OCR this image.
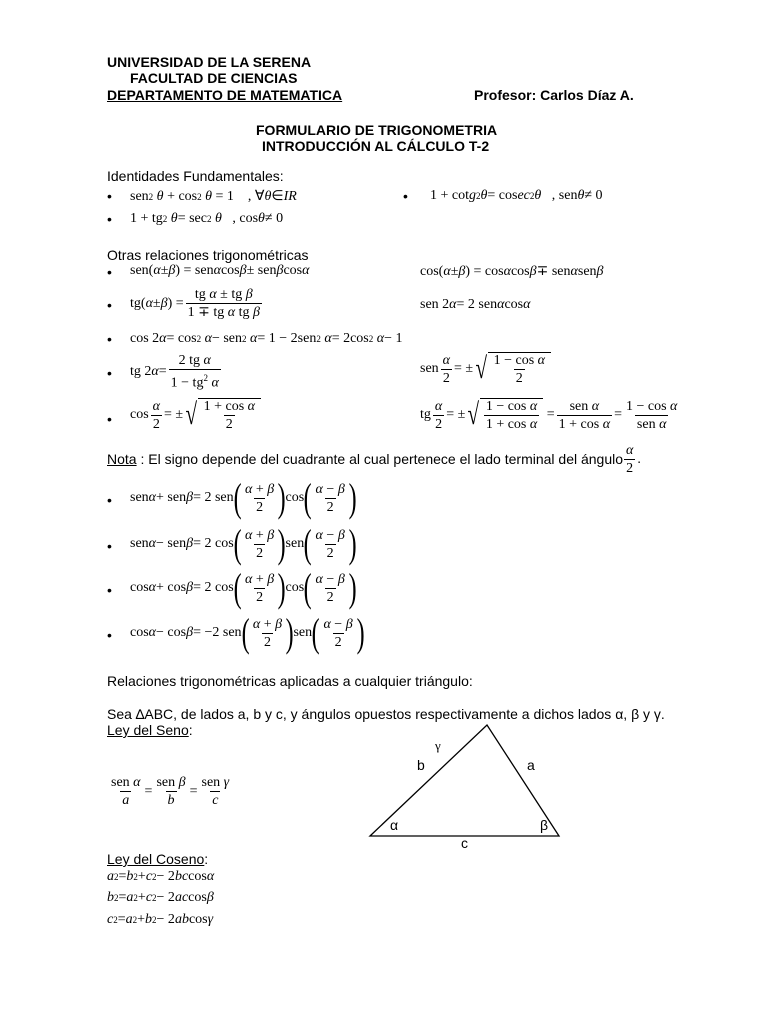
UNIVERSIDAD DE LA SERENA
FACULTAD DE CIENCIAS
DEPARTAMENTO DE MATEMATICA	Profesor: Carlos Díaz A.
FORMULARIO DE TRIGONOMETRIA
INTRODUCCIÓN AL CÁLCULO T-2
Identidades Fundamentales:
• sen 2
θ + cos 2
θ = 1    , ∀ θ ∈ IR	• 1 + cot g 2 θ = cos ec 2 θ , sen θ ≠ 0
• 1 + tg 2
θ = sec 2
θ , cos θ ≠ 0
Otras relaciones trigonométricas
• sen( α ± β ) = sen α cos β ± sen β cos α	cos( α ± β ) = cos α cos β ∓ sen α sen β
• tg( α ± β ) = $\frac{\text{tg α ± tg β}}{\text{1 ∓ tg α tg β}}$	sen 2 α = 2 sen α cos α
• cos 2 α = cos 2
α − sen 2
α = 1 − 2sen 2
α = 2cos 2
α − 1
• tg 2 $\alpha = \frac{\text{2 tg α}}{1 - tg^2 \alpha}$	sen $\frac{\alpha}{2}$ = ± √ $\frac{\text{1 − cos α}}{2}$
• $\cos \frac{\alpha}{2}$ = ± √ $\frac{\text{1 + cos α}}{2}$	tg $\frac{\alpha}{2}$ = ± √ $\frac{\text{1 − cos α}}{\text{1 + cos α}} = \frac{\text{sen α}}{\text{1 + cos α}} = \frac{\text{1 − cos α}}{\text{sen α}}$
Nota : El signo depende del cuadrante al cual pertenece el lado terminal del ángulo $\frac{\alpha}{2}$ .
• sen α + sen β = 2 sen ( $\frac{\alpha + \beta}{2}$ ) cos ( $\frac{\alpha - \beta}{2}$ )
• sen α − sen β = 2 cos ( $\frac{\alpha + \beta}{2}$ ) sen ( $\frac{\alpha - \beta}{2}$ )
• cos α + cos β = 2 cos ( $\frac{\alpha + \beta}{2}$ ) cos ( $\frac{\alpha - \beta}{2}$ )
• cos α − cos β = −2 sen ( $\frac{\alpha + \beta}{2}$ ) sen ( $\frac{\alpha - \beta}{2}$ )
Relaciones trigonométricas aplicadas a cualquier triángulo:
Sea ∆ABC, de lados a, b y c, y ángulos opuestos respectivamente a dichos lados α, β y γ.
Ley del Seno:
$\frac{\text{sen α}}{a} = \frac{\text{sen β}}{b} = \frac{\text{sen γ}}{c}$
γ
b	a
α	β
c
Ley del Coseno:
a 2 = b 2 + c 2 − 2 bc cos α
b 2 = a 2 + c 2 − 2 ac cos β
c 2 = a 2 + b 2 − 2 ab cos γ
